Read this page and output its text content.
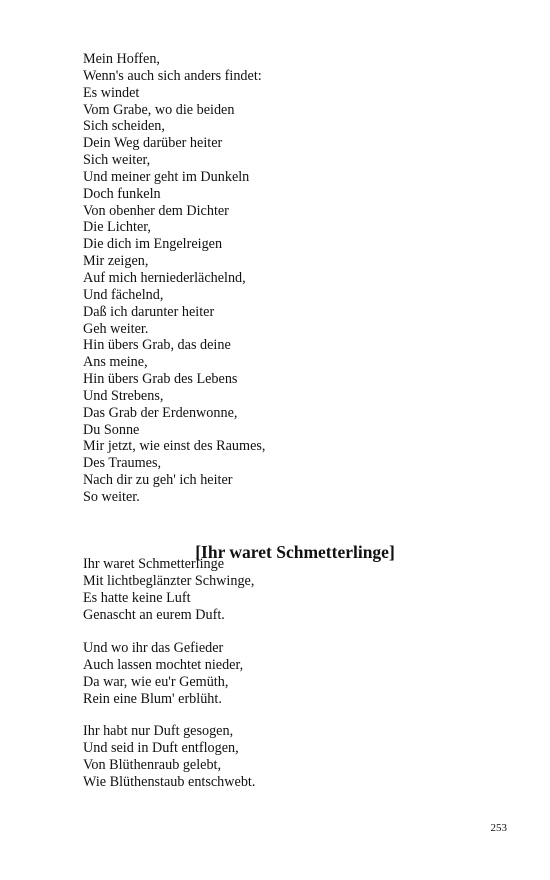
Mein Hoffen,
Wenn's auch sich anders findet:
Es windet
Vom Grabe, wo die beiden
Sich scheiden,
Dein Weg darüber heiter
Sich weiter,
Und meiner geht im Dunkeln
Doch funkeln
Von obenher dem Dichter
Die Lichter,
Die dich im Engelreigen
Mir zeigen,
Auf mich herniederlächelnd,
Und fächelnd,
Daß ich darunter heiter
Geh weiter.
Hin übers Grab, das deine
Ans meine,
Hin übers Grab des Lebens
Und Strebens,
Das Grab der Erdenwonne,
Du Sonne
Mir jetzt, wie einst des Raumes,
Des Traumes,
Nach dir zu geh' ich heiter
So weiter.
[Ihr waret Schmetterlinge]
Ihr waret Schmetterlinge
Mit lichtbeglänzter Schwinge,
Es hatte keine Luft
Genascht an eurem Duft.
Und wo ihr das Gefieder
Auch lassen mochtet nieder,
Da war, wie eu'r Gemüth,
Rein eine Blum' erblüht.
Ihr habt nur Duft gesogen,
Und seid in Duft entflogen,
Von Blüthenraub gelebt,
Wie Blüthenstaub entschwebt.
253
